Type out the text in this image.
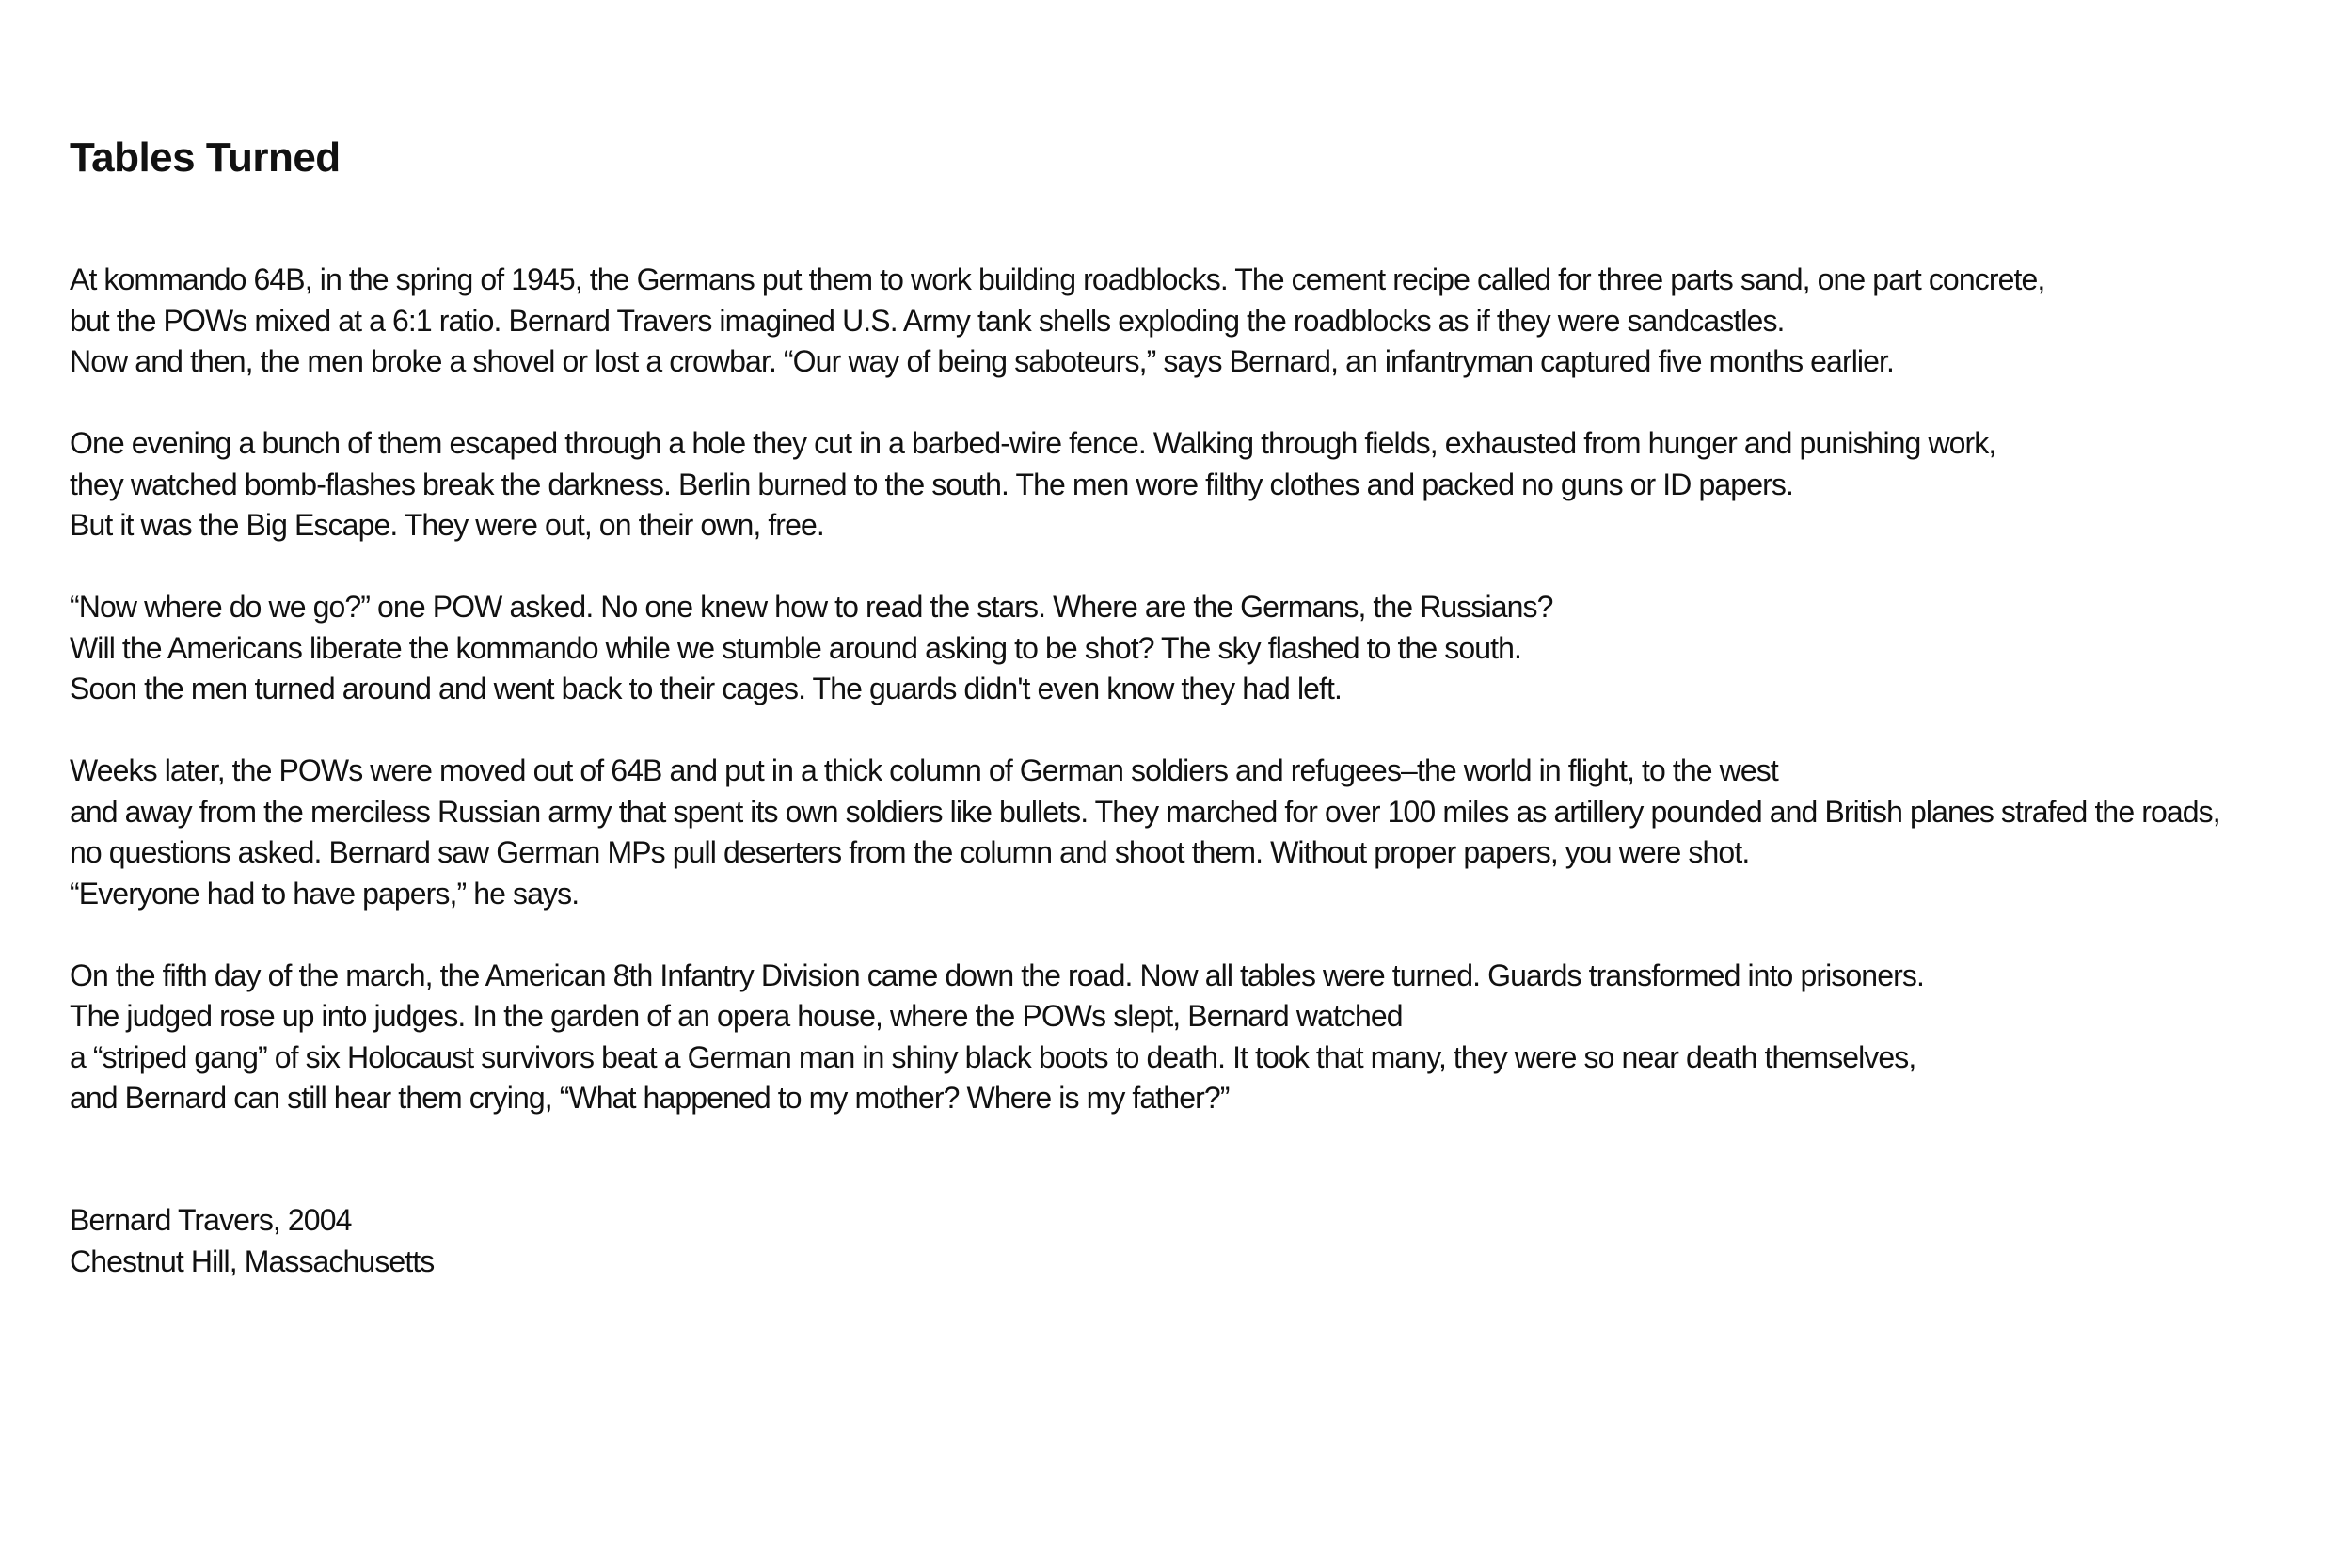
Tables Turned

At kommando 64B, in the spring of 1945, the Germans put them to work building roadblocks. The cement recipe called for three parts sand, one part concrete,
but the POWs mixed at a 6:1 ratio. Bernard Travers imagined U.S. Army tank shells exploding the roadblocks as if they were sandcastles.
Now and then, the men broke a shovel or lost a crowbar. “Our way of being saboteurs,” says Bernard, an infantryman captured five months earlier.

One evening a bunch of them escaped through a hole they cut in a barbed-wire fence. Walking through fields, exhausted from hunger and punishing work,
they watched bomb-flashes break the darkness. Berlin burned to the south. The men wore filthy clothes and packed no guns or ID papers.
But it was the Big Escape. They were out, on their own, free.

“Now where do we go?” one POW asked. No one knew how to read the stars. Where are the Germans, the Russians?
Will the Americans liberate the kommando while we stumble around asking to be shot? The sky flashed to the south.
Soon the men turned around and went back to their cages. The guards didn't even know they had left.

Weeks later, the POWs were moved out of 64B and put in a thick column of German soldiers and refugees–the world in flight, to the west
and away from the merciless Russian army that spent its own soldiers like bullets. They marched for over 100 miles as artillery pounded and British planes strafed the roads,
no questions asked. Bernard saw German MPs pull deserters from the column and shoot them. Without proper papers, you were shot.
“Everyone had to have papers,” he says.

On the fifth day of the march, the American 8th Infantry Division came down the road. Now all tables were turned. Guards transformed into prisoners.
The judged rose up into judges. In the garden of an opera house, where the POWs slept, Bernard watched
a “striped gang” of six Holocaust survivors beat a German man in shiny black boots to death. It took that many, they were so near death themselves,
and Bernard can still hear them crying, “What happened to my mother? Where is my father?”

Bernard Travers, 2004
Chestnut Hill, Massachusetts
